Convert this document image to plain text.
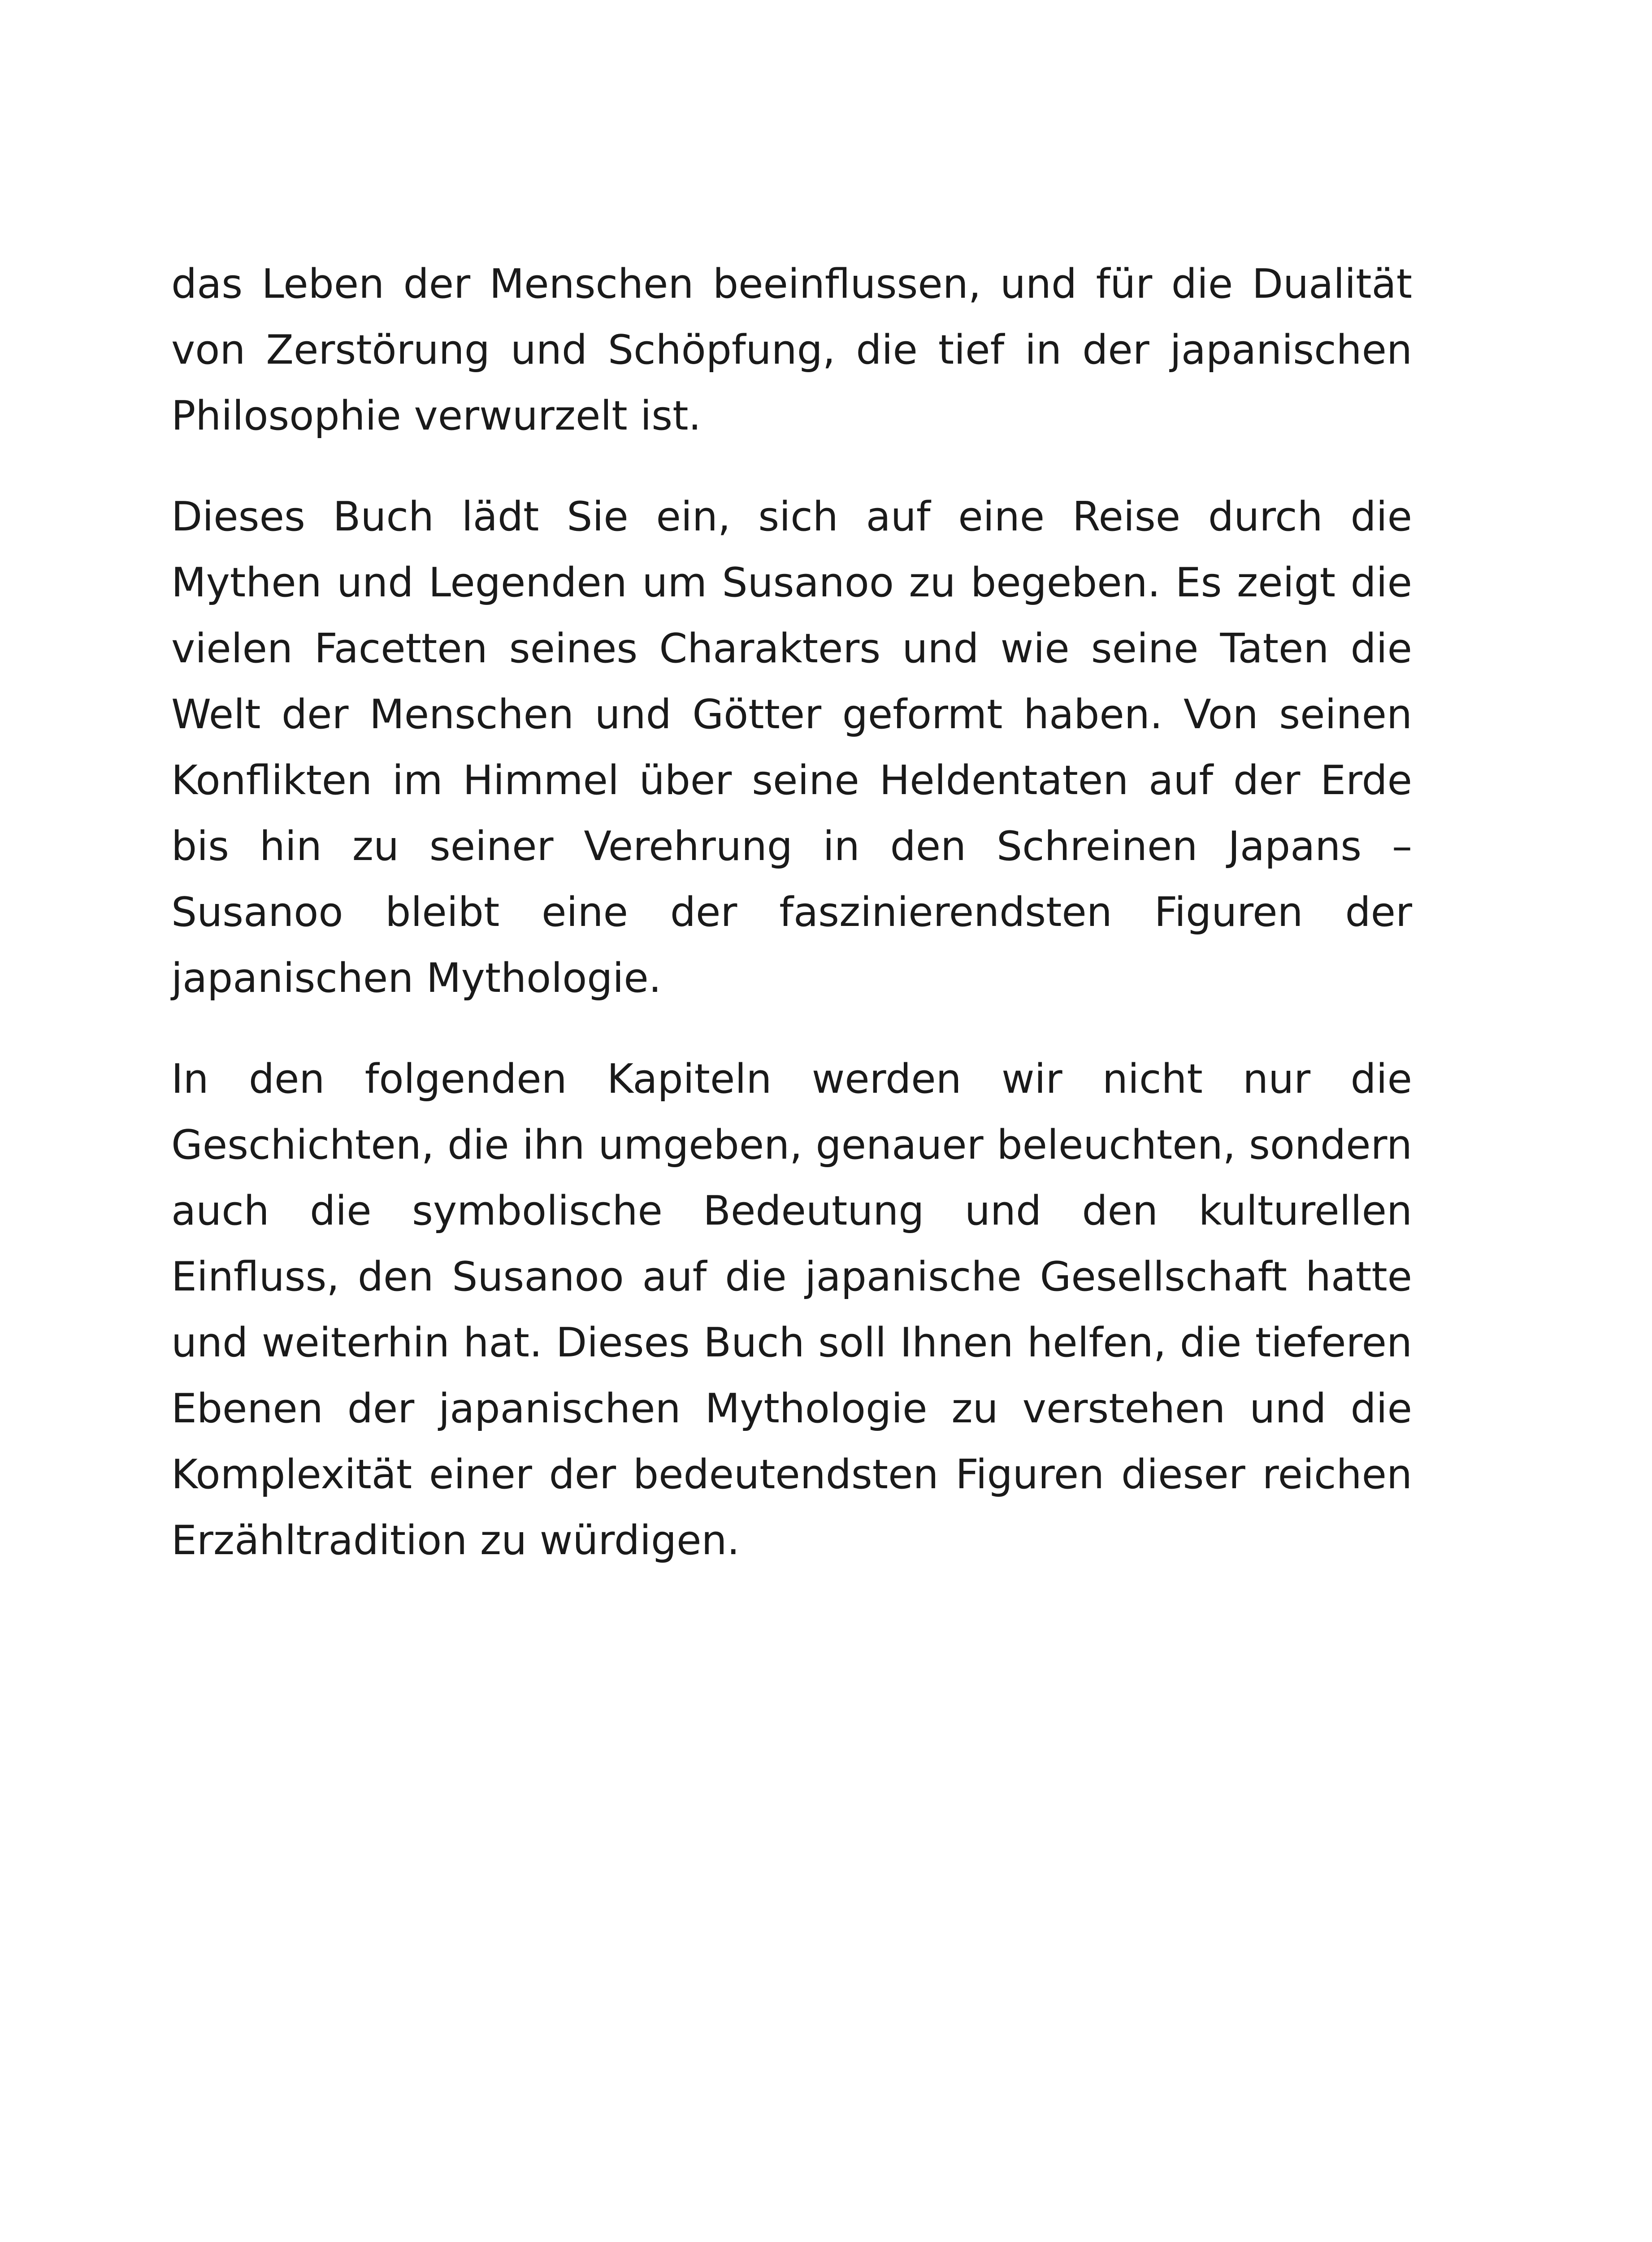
das Leben der Menschen beeinflussen, und für die Dualität von Zerstörung und Schöpfung, die tief in der japanischen Philosophie verwurzelt ist.

Dieses Buch lädt Sie ein, sich auf eine Reise durch die Mythen und Legenden um Susanoo zu begeben. Es zeigt die vielen Facetten seines Charakters und wie seine Taten die Welt der Menschen und Götter geformt haben. Von seinen Konflikten im Himmel über seine Heldentaten auf der Erde bis hin zu seiner Verehrung in den Schreinen Japans – Susanoo bleibt eine der faszinierendsten Figuren der japanischen Mythologie.

In den folgenden Kapiteln werden wir nicht nur die Geschichten, die ihn umgeben, genauer beleuchten, sondern auch die symbolische Bedeutung und den kulturellen Einfluss, den Susanoo auf die japanische Gesellschaft hatte und weiterhin hat. Dieses Buch soll Ihnen helfen, die tieferen Ebenen der japanischen Mythologie zu verstehen und die Komplexität einer der bedeutendsten Figuren dieser reichen Erzähltradition zu würdigen.
